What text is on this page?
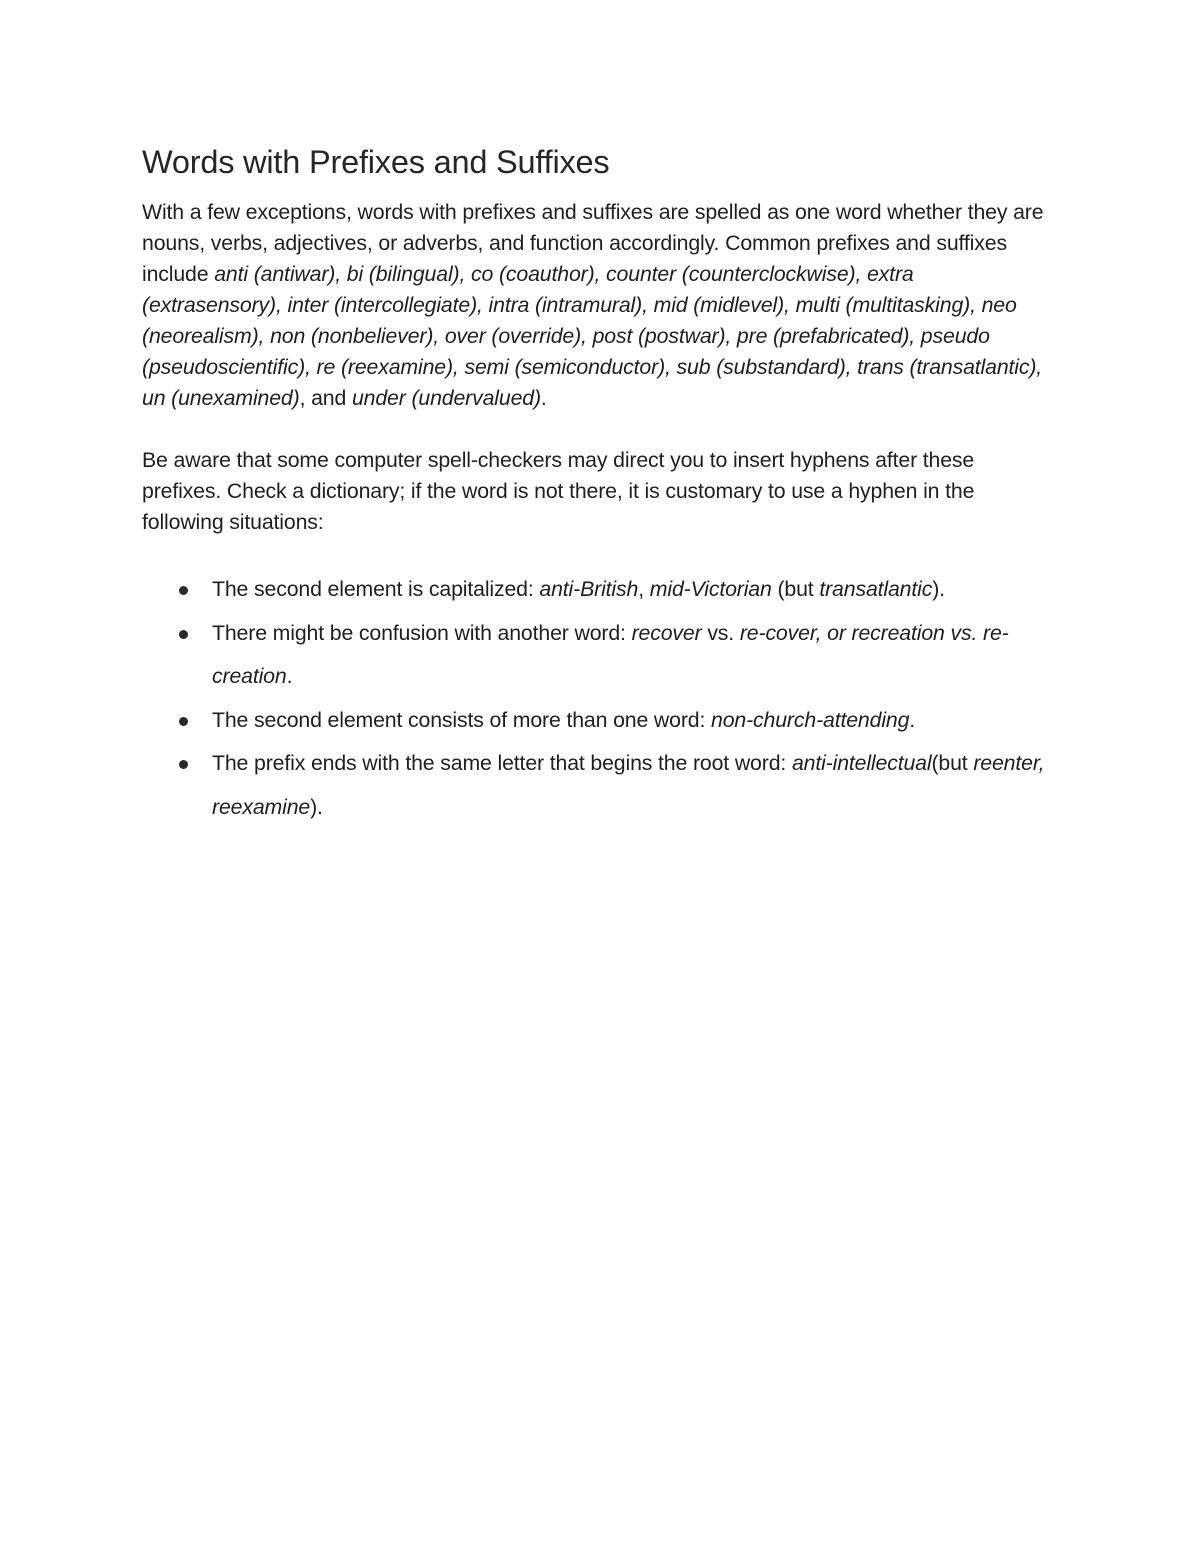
Words with Prefixes and Suffixes

With a few exceptions, words with prefixes and suffixes are spelled as one word whether they are nouns, verbs, adjectives, or adverbs, and function accordingly. Common prefixes and suffixes include anti (antiwar), bi (bilingual), co (coauthor), counter (counterclockwise), extra (extrasensory), inter (intercollegiate), intra (intramural), mid (midlevel), multi (multitasking), neo (neorealism), non (nonbeliever), over (override), post (postwar), pre (prefabricated), pseudo (pseudoscientific), re (reexamine), semi (semiconductor), sub (substandard), trans (transatlantic), un (unexamined), and under (undervalued).

Be aware that some computer spell-checkers may direct you to insert hyphens after these prefixes. Check a dictionary; if the word is not there, it is customary to use a hyphen in the following situations:

The second element is capitalized: anti-British, mid-Victorian (but transatlantic).
There might be confusion with another word: recover vs. re-cover, or recreation vs. re-creation.
The second element consists of more than one word: non-church-attending.
The prefix ends with the same letter that begins the root word: anti-intellectual(but reenter, reexamine).
